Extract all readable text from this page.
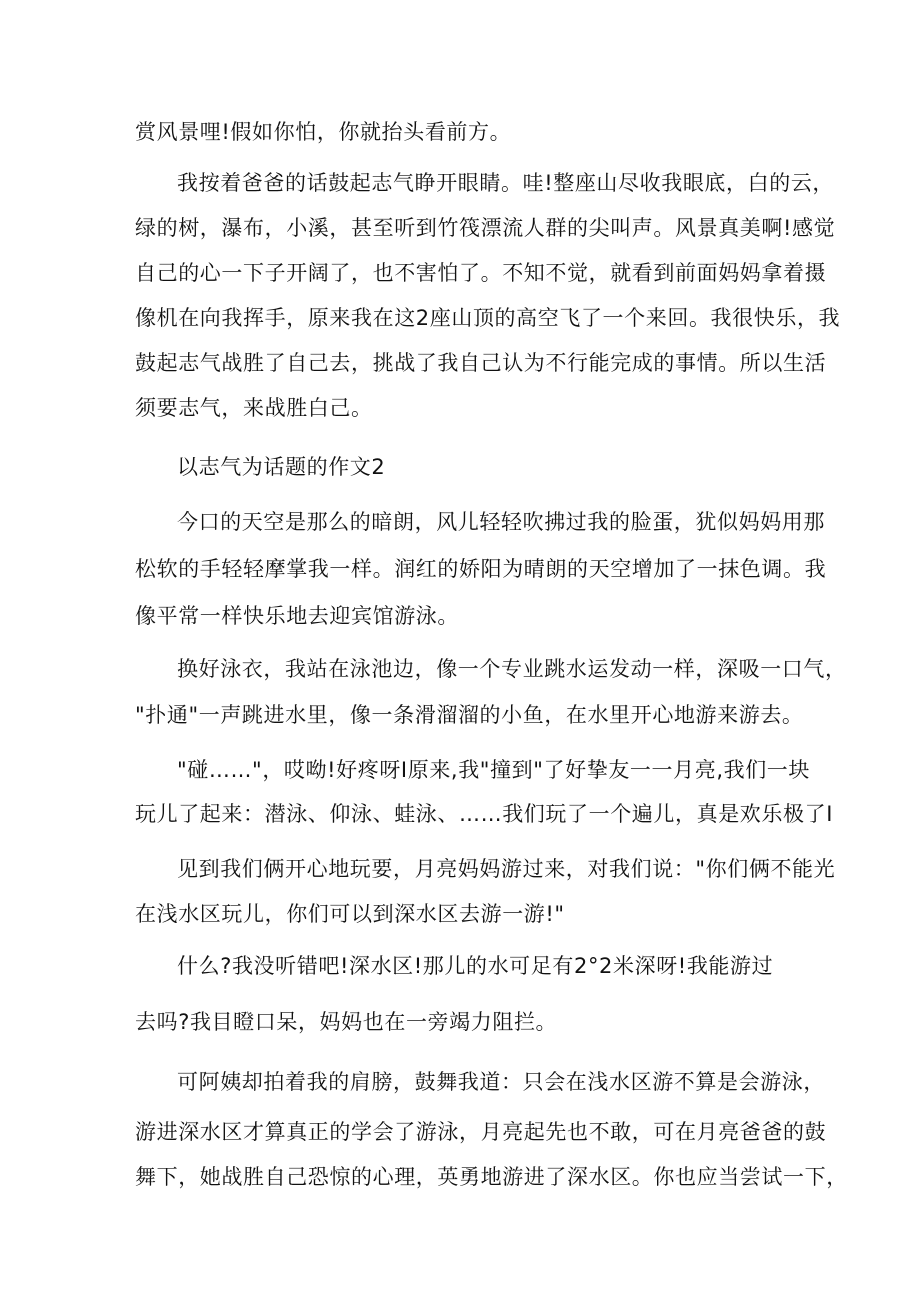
赏风景哩!假如你怕，你就抬头看前方。
我按着爸爸的话鼓起志气睁开眼睛。哇!整座山尽收我眼底，白的云，
绿的树，瀑布，小溪，甚至听到竹筏漂流人群的尖叫声。风景真美啊!感觉
自己的心一下子开阔了，也不害怕了。不知不觉，就看到前面妈妈拿着摄
像机在向我挥手，原来我在这2座山顶的高空飞了一个来回。我很快乐，我
鼓起志气战胜了自己去，挑战了我自己认为不行能完成的事情。所以生活
须要志气，来战胜白己。
以志气为话题的作文2
今口的天空是那么的暗朗，风儿轻轻吹拂过我的脸蛋，犹似妈妈用那
松软的手轻轻摩掌我一样。润红的娇阳为晴朗的天空增加了一抹色调。我
像平常一样快乐地去迎宾馆游泳。
换好泳衣，我站在泳池边，像一个专业跳水运发动一样，深吸一口气，
"扑通"一声跳进水里，像一条滑溜溜的小鱼，在水里开心地游来游去。
"碰……"，哎呦!好疼呀I原来,我"撞到"了好挚友一一月亮,我们一块
玩儿了起来：潜泳、仰泳、蛙泳、……我们玩了一个遍儿，真是欢乐极了I
见到我们俩开心地玩要，月亮妈妈游过来，对我们说："你们俩不能光
在浅水区玩儿，你们可以到深水区去游一游!"
什么?我没听错吧!深水区!那儿的水可足有2°2米深呀!我能游过
去吗?我目瞪口呆，妈妈也在一旁竭力阻拦。
可阿姨却拍着我的肩膀，鼓舞我道：只会在浅水区游不算是会游泳，
游进深水区才算真正的学会了游泳，月亮起先也不敢，可在月亮爸爸的鼓
舞下，她战胜自己恐惊的心理，英勇地游进了深水区。你也应当尝试一下，
